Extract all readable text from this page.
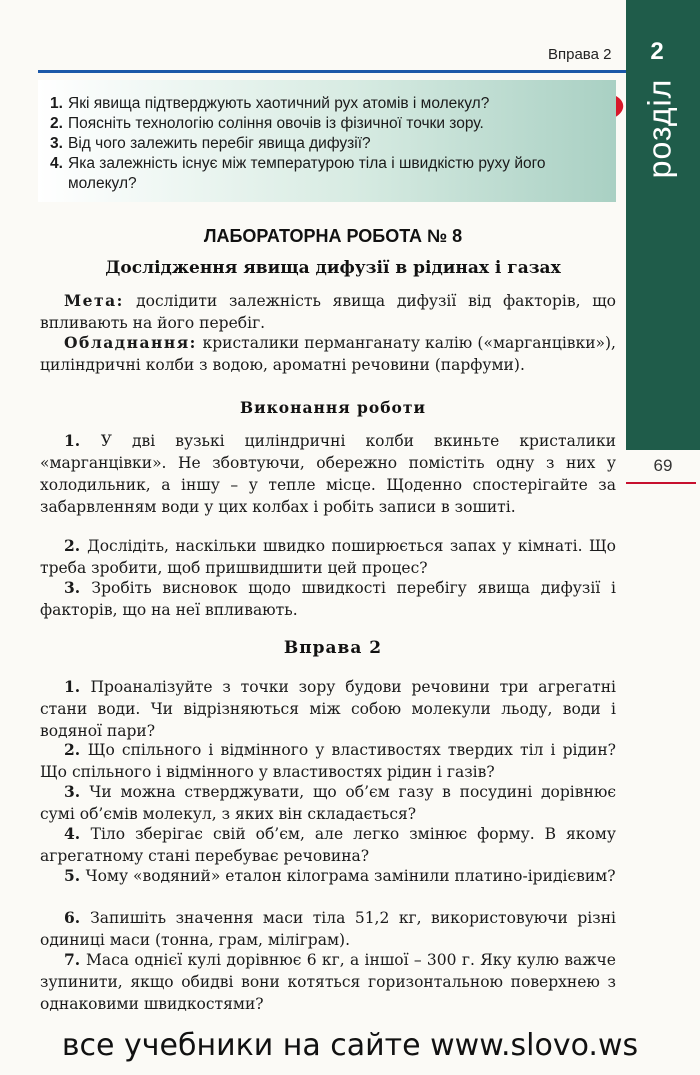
Вправа 2	2
розділ
69
1. Які явища підтверджують хаотичний рух атомів і молекул?
2. Поясніть технологію соління овочів із фізичної точки зору.
3. Від чого залежить перебіг явища дифузії?
4. Яка залежність існує між температурою тіла і швидкістю руху його молекул?
ЛАБОРАТОРНА РОБОТА № 8
Дослідження явища дифузії в рідинах і газах

Мета: дослідити залежність явища дифузії від факторів, що впливають на його перебіг.

Обладнання: кристалики перманганату калію («марганцівки»), циліндричні колби з водою, ароматні речовини (парфуми).

Виконання роботи

1. У дві вузькі циліндричні колби вкиньте кристалики «марганцівки». Не збовтуючи, обережно помістіть одну з них у холодильник, а іншу – у теплe місце. Щоденно спостерігайте за забарвленням води у цих колбах і робіть записи в зошиті.

2. Дослідіть, наскільки швидко поширюється запах у кімнаті. Що треба зробити, щоб пришвидшити цей процес?

3. Зробіть висновок щодо швидкості перебігу явища дифузії і факторів, що на неї впливають.

Вправа 2

1. Проаналізуйте з точки зору будови речовини три агрегатні стани води. Чи відрізняються між собою молекули льоду, води і водяної пари?

2. Що спільного і відмінного у властивостях твердих тіл і рідин? Що спільного і відмінного у властивостях рідин і газів?

3. Чи можна стверджувати, що об’єм газу в посудині дорівнює сумі об’ємів молекул, з яких він складається?

4. Тіло зберігає свій об’єм, але легко змінює форму. В якому агрегатному стані перебуває речовина?

5. Чому «водяний» еталон кілограма замінили платино-іридієвим?

6. Запишіть значення маси тіла 51,2 кг, використовуючи різні одиниці маси (тонна, грам, міліграм).

7. Маса однієї кулі дорівнює 6 кг, а іншої – 300 г. Яку кулю важче зупинити, якщо обидві вони котяться горизонтальною поверхнею з однаковими швидкостями?

все учебники на сайте www.slovo.ws
